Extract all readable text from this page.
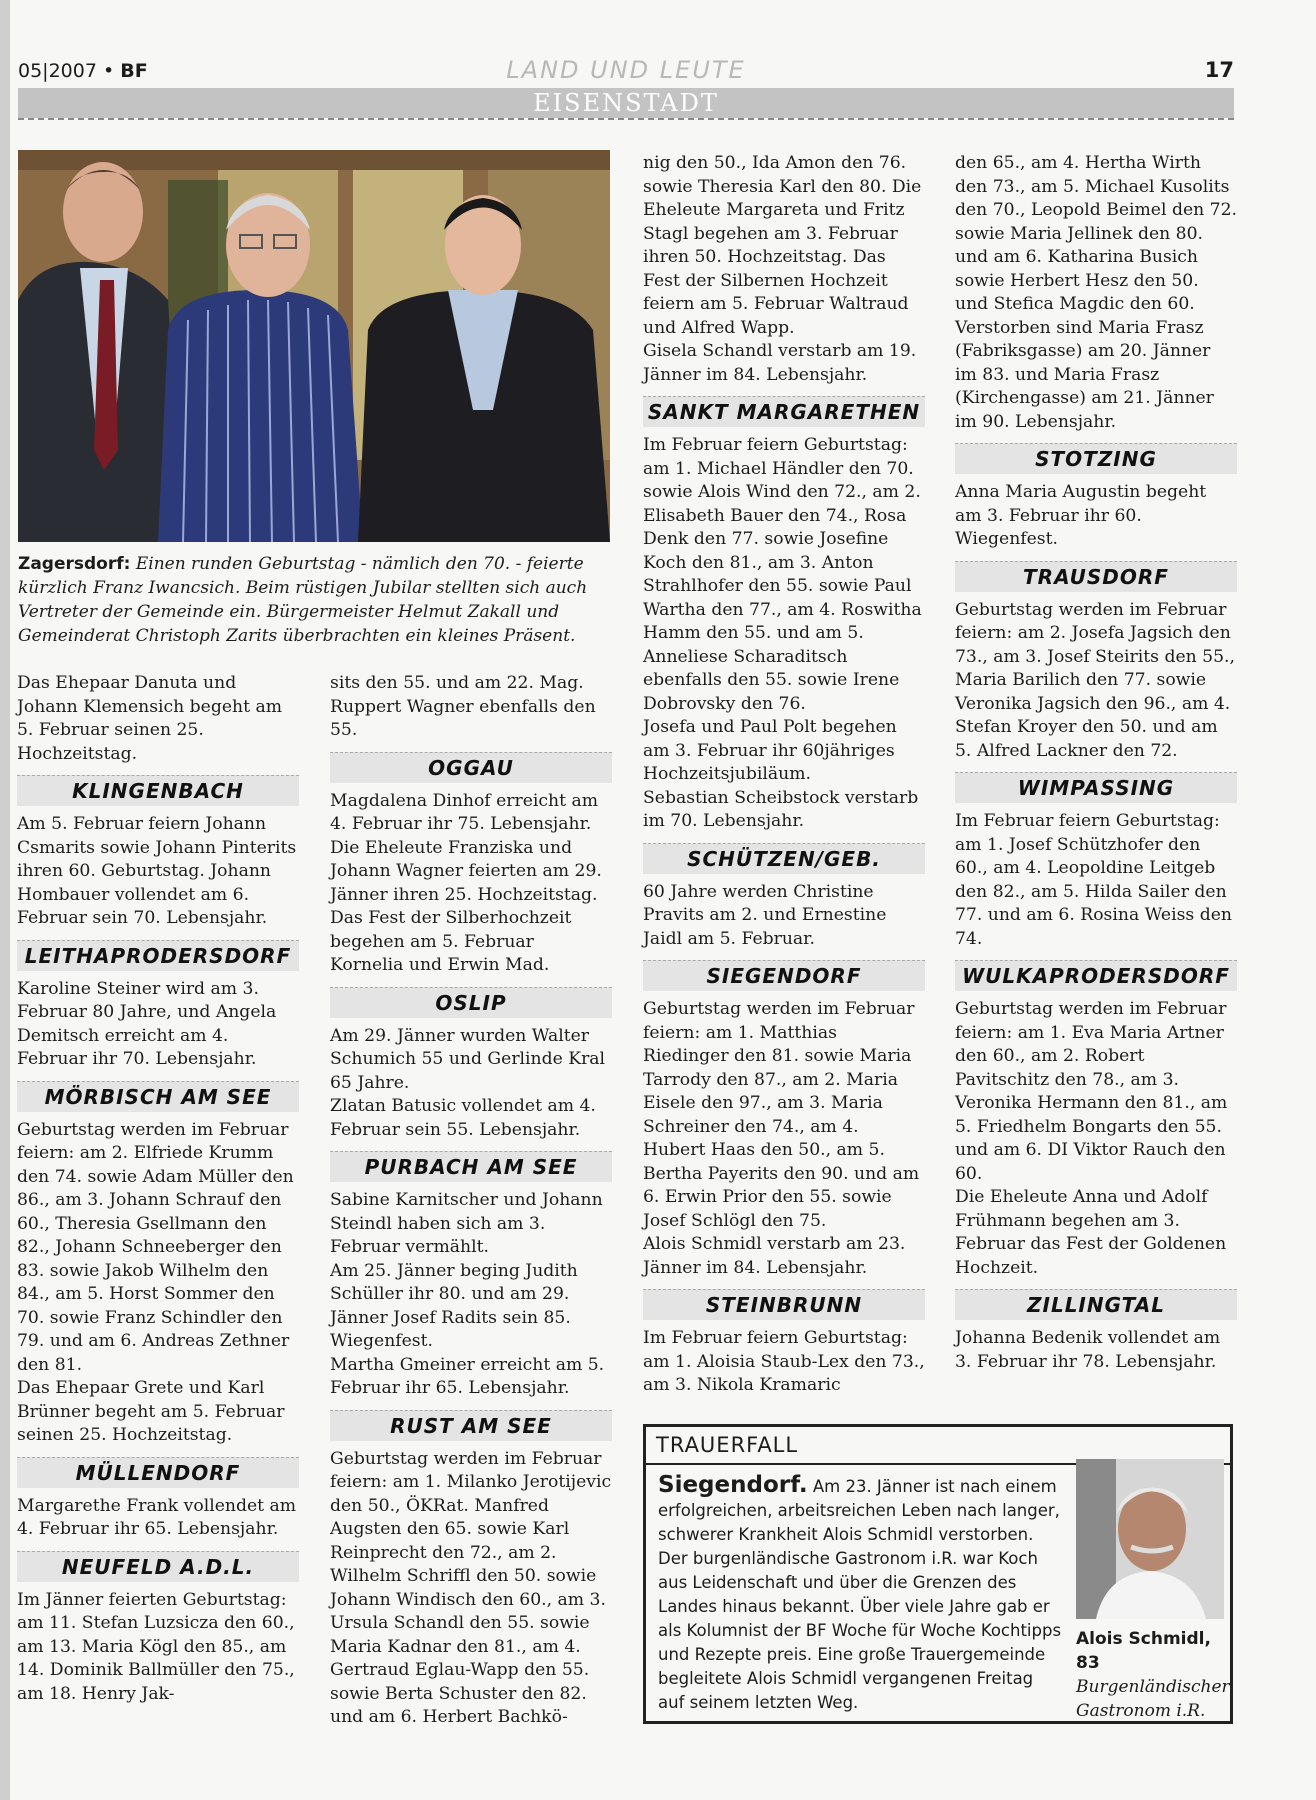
05|2007 • BF	LAND UND LEUTE	17
EISENSTADT
Zagersdorf: Einen runden Geburtstag - nämlich den 70. - feierte kürzlich Franz Iwancsich. Beim rüstigen Jubilar stellten sich auch Vertreter der Gemeinde ein. Bürgermeister Helmut Zakall und Gemeinderat Christoph Zarits überbrachten ein kleines Präsent.

Das Ehepaar Danuta und Johann Klemensich begeht am 5. Februar seinen 25. Hochzeitstag.

KLINGENBACH

Am 5. Februar feiern Johann Csmarits sowie Johann Pinterits ihren 60. Geburtstag. Johann Hombauer vollendet am 6. Februar sein 70. Lebensjahr.

LEITHAPRODERSDORF

Karoline Steiner wird am 3. Februar 80 Jahre, und Angela Demitsch erreicht am 4. Februar ihr 70. Lebensjahr.

MÖRBISCH AM SEE

Geburtstag werden im Februar feiern: am 2. Elfriede Krumm den 74. sowie Adam Müller den 86., am 3. Johann Schrauf den 60., Theresia Gsellmann den 82., Johann Schneeberger den 83. sowie Jakob Wilhelm den 84., am 5. Horst Sommer den 70. sowie Franz Schindler den 79. und am 6. Andreas Zethner den 81.

Das Ehepaar Grete und Karl Brünner begeht am 5. Februar seinen 25. Hochzeitstag.

MÜLLENDORF

Margarethe Frank vollendet am 4. Februar ihr 65. Lebensjahr.

NEUFELD A.D.L.

Im Jänner feierten Geburtstag: am 11. Stefan Luzsicza den 60., am 13. Maria Kögl den 85., am 14. Dominik Ballmüller den 75., am 18. Henry Jak-

sits den 55. und am 22. Mag. Ruppert Wagner ebenfalls den 55.

OGGAU

Magdalena Dinhof erreicht am 4. Februar ihr 75. Lebensjahr. Die Eheleute Franziska und Johann Wagner feierten am 29. Jänner ihren 25. Hochzeitstag.

Das Fest der Silberhochzeit begehen am 5. Februar Kornelia und Erwin Mad.

OSLIP

Am 29. Jänner wurden Walter Schumich 55 und Gerlinde Kral 65 Jahre.

Zlatan Batusic vollendet am 4. Februar sein 55. Lebensjahr.

PURBACH AM SEE

Sabine Karnitscher und Johann Steindl haben sich am 3. Februar vermählt.

Am 25. Jänner beging Judith Schüller ihr 80. und am 29. Jänner Josef Radits sein 85. Wiegenfest.

Martha Gmeiner erreicht am 5. Februar ihr 65. Lebensjahr.

RUST AM SEE

Geburtstag werden im Februar feiern: am 1. Milanko Jerotijevic den 50., ÖKRat. Manfred Augsten den 65. sowie Karl Reinprecht den 72., am 2. Wilhelm Schriffl den 50. sowie Johann Windisch den 60., am 3. Ursula Schandl den 55. sowie Maria Kadnar den 81., am 4. Gertraud Eglau-Wapp den 55. sowie Berta Schuster den 82. und am 6. Herbert Bachkö-

nig den 50., Ida Amon den 76. sowie Theresia Karl den 80. Die Eheleute Margareta und Fritz Stagl begehen am 3. Februar ihren 50. Hochzeitstag. Das Fest der Silbernen Hochzeit feiern am 5. Februar Waltraud und Alfred Wapp.

Gisela Schandl verstarb am 19. Jänner im 84. Lebensjahr.

SANKT MARGARETHEN

Im Februar feiern Geburtstag: am 1. Michael Händler den 70. sowie Alois Wind den 72., am 2. Elisabeth Bauer den 74., Rosa Denk den 77. sowie Josefine Koch den 81., am 3. Anton Strahlhofer den 55. sowie Paul Wartha den 77., am 4. Roswitha Hamm den 55. und am 5. Anneliese Scharaditsch ebenfalls den 55. sowie Irene Dobrovsky den 76.

Josefa und Paul Polt begehen am 3. Februar ihr 60jähriges Hochzeitsjubiläum.

Sebastian Scheibstock verstarb im 70. Lebensjahr.

SCHÜTZEN/GEB.

60 Jahre werden Christine Pravits am 2. und Ernestine Jaidl am 5. Februar.

SIEGENDORF

Geburtstag werden im Februar feiern: am 1. Matthias Riedinger den 81. sowie Maria Tarrody den 87., am 2. Maria Eisele den 97., am 3. Maria Schreiner den 74., am 4. Hubert Haas den 50., am 5. Bertha Payerits den 90. und am 6. Erwin Prior den 55. sowie Josef Schlögl den 75.

Alois Schmidl verstarb am 23. Jänner im 84. Lebensjahr.

STEINBRUNN

Im Februar feiern Geburtstag: am 1. Aloisia Staub-Lex den 73., am 3. Nikola Kramaric

den 65., am 4. Hertha Wirth den 73., am 5. Michael Kusolits den 70., Leopold Beimel den 72. sowie Maria Jellinek den 80. und am 6. Katharina Busich sowie Herbert Hesz den 50. und Stefica Magdic den 60.

Verstorben sind Maria Frasz (Fabriksgasse) am 20. Jänner im 83. und Maria Frasz (Kirchengasse) am 21. Jänner im 90. Lebensjahr.

STOTZING

Anna Maria Augustin begeht am 3. Februar ihr 60. Wiegenfest.

TRAUSDORF

Geburtstag werden im Februar feiern: am 2. Josefa Jagsich den 73., am 3. Josef Steirits den 55., Maria Barilich den 77. sowie Veronika Jagsich den 96., am 4. Stefan Kroyer den 50. und am 5. Alfred Lackner den 72.

WIMPASSING

Im Februar feiern Geburtstag: am 1. Josef Schützhofer den 60., am 4. Leopoldine Leitgeb den 82., am 5. Hilda Sailer den 77. und am 6. Rosina Weiss den 74.

WULKAPRODERSDORF

Geburtstag werden im Februar feiern: am 1. Eva Maria Artner den 60., am 2. Robert Pavitschitz den 78., am 3. Veronika Hermann den 81., am 5. Friedhelm Bongarts den 55. und am 6. DI Viktor Rauch den 60.

Die Eheleute Anna und Adolf Frühmann begehen am 3. Februar das Fest der Goldenen Hochzeit.

ZILLINGTAL

Johanna Bedenik vollendet am 3. Februar ihr 78. Lebensjahr.

TRAUERFALL
Siegendorf. Am 23. Jänner ist nach einem erfolgreichen, arbeitsreichen Leben nach langer, schwerer Krankheit Alois Schmidl verstorben. Der burgenländische Gastronom i.R. war Koch aus Leidenschaft und über die Grenzen des Landes hinaus bekannt. Über viele Jahre gab er als Kolumnist der BF Woche für Woche Kochtipps und Rezepte preis. Eine große Trauergemeinde begleitete Alois Schmidl vergangenen Freitag auf seinem letzten Weg.
Alois Schmidl, 83
Burgenländischer
Gastronom i.R.
